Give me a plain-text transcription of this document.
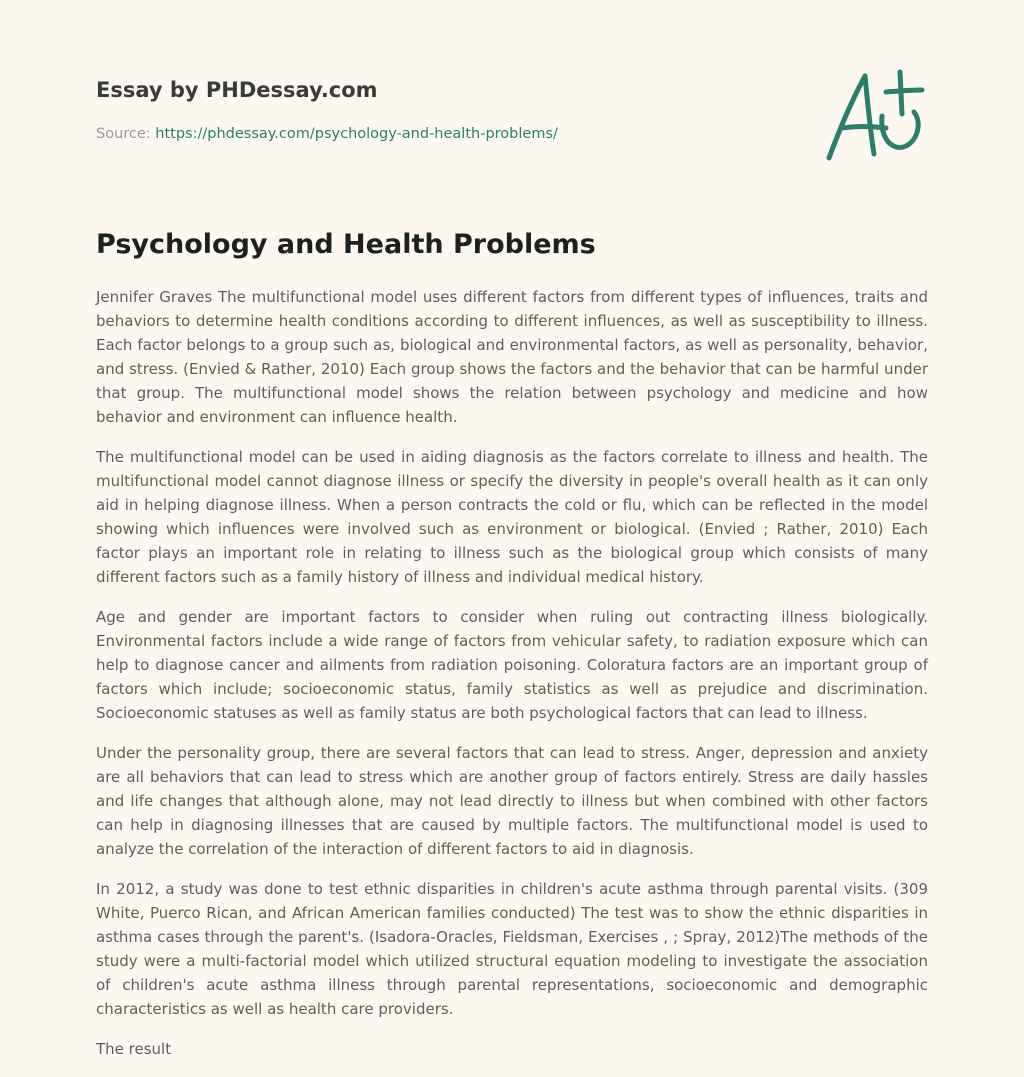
Essay by PHDessay.com
Source: https://phdessay.com/psychology-and-health-problems/
Psychology and Health Problems

Jennifer Graves The multifunctional model uses different factors from different types of influences, traits and behaviors to determine health conditions according to different influences, as well as susceptibility to illness. Each factor belongs to a group such as, biological and environmental factors, as well as personality, behavior, and stress. (Envied & Rather, 2010) Each group shows the factors and the behavior that can be harmful under that group. The multifunctional model shows the relation between psychology and medicine and how behavior and environment can influence health.

The multifunctional model can be used in aiding diagnosis as the factors correlate to illness and health. The multifunctional model cannot diagnose illness or specify the diversity in people's overall health as it can only aid in helping diagnose illness. When a person contracts the cold or flu, which can be reflected in the model showing which influences were involved such as environment or biological. (Envied ; Rather, 2010) Each factor plays an important role in relating to illness such as the biological group which consists of many different factors such as a family history of illness and individual medical history.

Age and gender are important factors to consider when ruling out contracting illness biologically. Environmental factors include a wide range of factors from vehicular safety, to radiation exposure which can help to diagnose cancer and ailments from radiation poisoning. Coloratura factors are an important group of factors which include; socioeconomic status, family statistics as well as prejudice and discrimination. Socioeconomic statuses as well as family status are both psychological factors that can lead to illness.

Under the personality group, there are several factors that can lead to stress. Anger, depression and anxiety are all behaviors that can lead to stress which are another group of factors entirely. Stress are daily hassles and life changes that although alone, may not lead directly to illness but when combined with other factors can help in diagnosing illnesses that are caused by multiple factors. The multifunctional model is used to analyze the correlation of the interaction of different factors to aid in diagnosis.

In 2012, a study was done to test ethnic disparities in children's acute asthma through parental visits. (309 White, Puerco Rican, and African American families conducted) The test was to show the ethnic disparities in asthma cases through the parent's. (Isadora-Oracles, Fieldsman, Exercises , ; Spray, 2012)The methods of the study were a multi-factorial model which utilized structural equation modeling to investigate the association of children's acute asthma illness through parental representations, socioeconomic and demographic characteristics as well as health care providers.

The result
